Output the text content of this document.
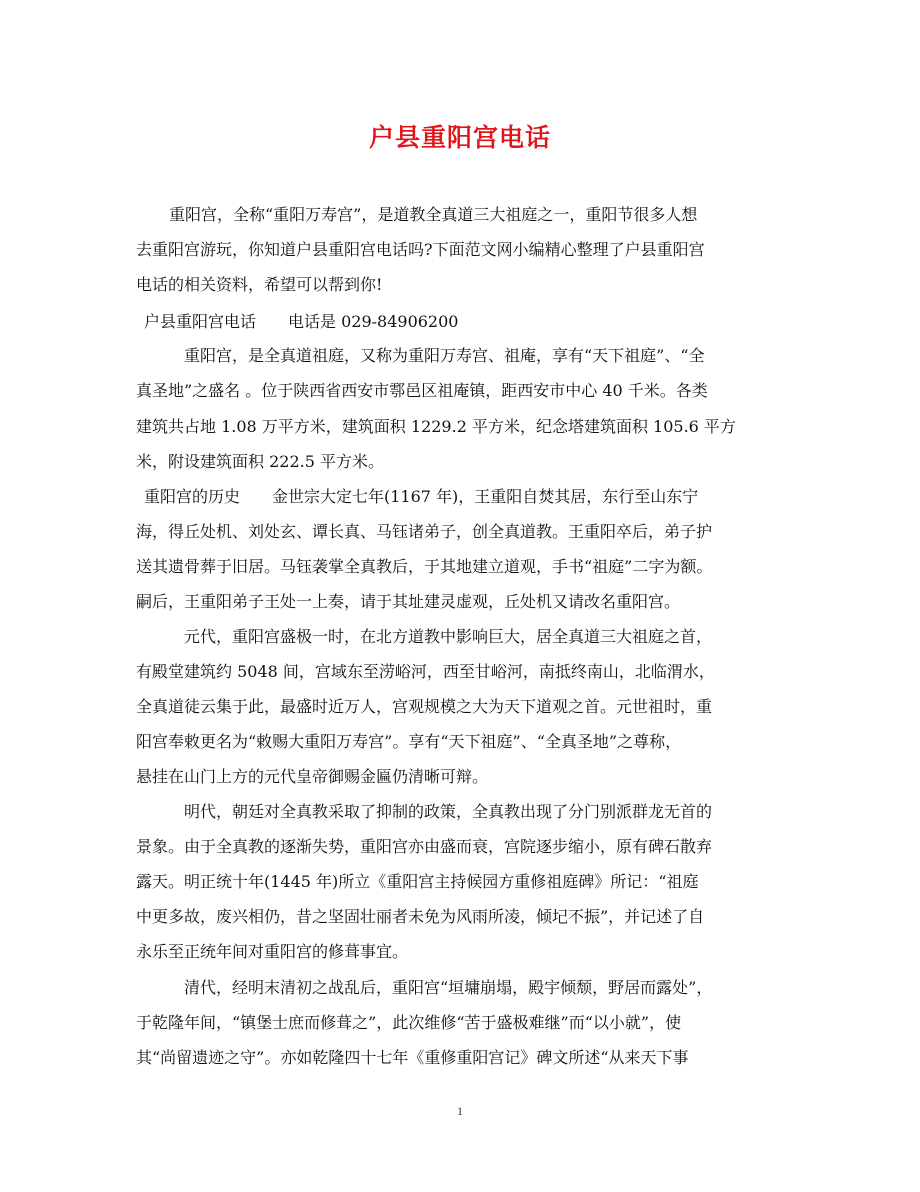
户县重阳宫电话
重阳宫，全称“重阳万寿宫”，是道教全真道三大祖庭之一，重阳节很多人想
去重阳宫游玩，你知道户县重阳宫电话吗?下面范文网小编精心整理了户县重阳宫
电话的相关资料，希望可以帮到你!
户县重阳宫电话　　电话是 029-84906200
重阳宫，是全真道祖庭，又称为重阳万寿宫、祖庵，享有“天下祖庭”、“全
真圣地”之盛名 。位于陕西省西安市鄠邑区祖庵镇，距西安市中心 40 千米。各类
建筑共占地 1.08 万平方米，建筑面积 1229.2 平方米，纪念塔建筑面积 105.6 平方
米，附设建筑面积 222.5 平方米。
重阳宫的历史　　金世宗大定七年(1167 年)，王重阳自焚其居，东行至山东宁
海，得丘处机、刘处玄、谭长真、马钰诸弟子，创全真道教。王重阳卒后，弟子护
送其遗骨葬于旧居。马钰袭掌全真教后，于其地建立道观，手书“祖庭”二字为额。
嗣后，王重阳弟子王处一上奏，请于其址建灵虚观，丘处机又请改名重阳宫。
元代，重阳宫盛极一时，在北方道教中影响巨大，居全真道三大祖庭之首，
有殿堂建筑约 5048 间，宫域东至涝峪河，西至甘峪河，南抵终南山，北临渭水，
全真道徒云集于此，最盛时近万人，宫观规模之大为天下道观之首。元世祖时，重
阳宫奉敕更名为“敕赐大重阳万寿宫”。享有“天下祖庭”、“全真圣地”之尊称，
悬挂在山门上方的元代皇帝御赐金匾仍清晰可辩。
明代，朝廷对全真教采取了抑制的政策，全真教出现了分门别派群龙无首的
景象。由于全真教的逐渐失势，重阳宫亦由盛而衰，宫院逐步缩小，原有碑石散弃
露天。明正统十年(1445 年)所立《重阳宫主持候园方重修祖庭碑》所记：“祖庭
中更多故，废兴相仍，昔之坚固壮丽者未免为风雨所凌，倾圮不振”，并记述了自
永乐至正统年间对重阳宫的修葺事宜。
清代，经明末清初之战乱后，重阳宫“垣墉崩塌，殿宇倾颓，野居而露处”，
于乾隆年间，“镇堡士庶而修葺之”，此次维修“苦于盛极难继”而“以小就”，使
其“尚留遗迹之守”。亦如乾隆四十七年《重修重阳宫记》碑文所述“从来天下事
1
